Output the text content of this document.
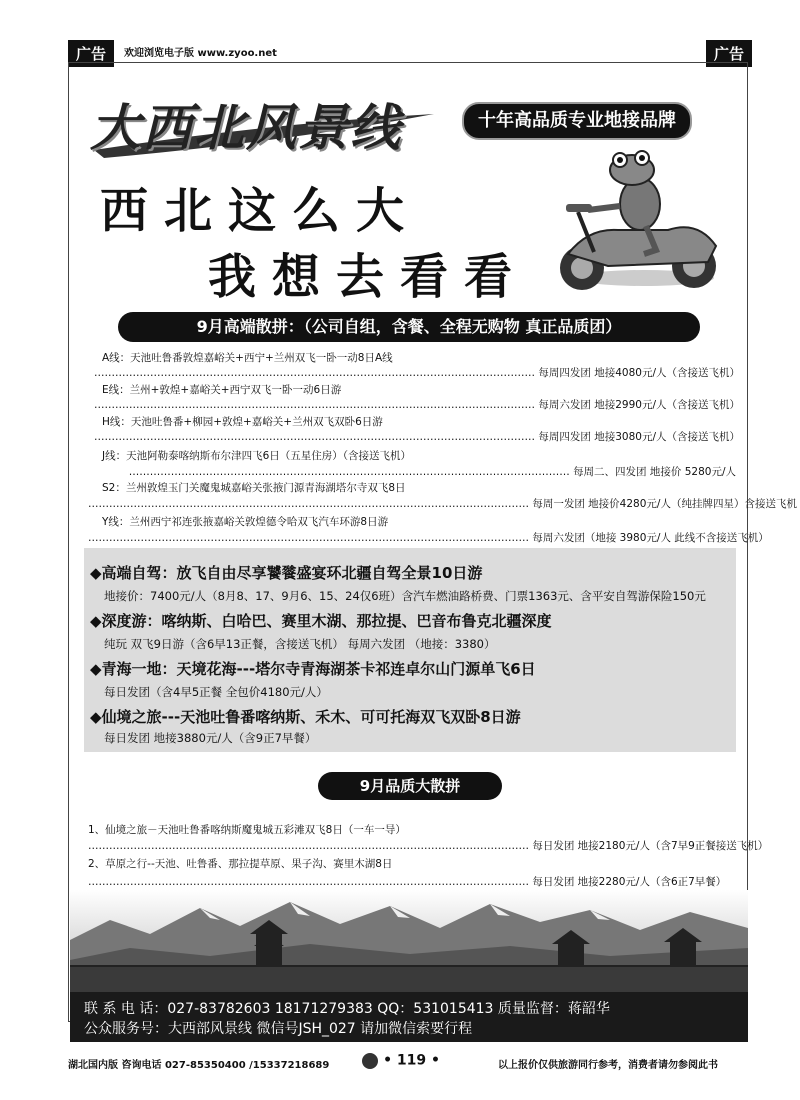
广告	欢迎浏览电子版 www.zyoo.net	广告
大西北风景线	十年高品质专业地接品牌
西北这么大
我想去看看
9月高端散拼：（公司自组，含餐、全程无购物 真正品质团）
A线：天池吐鲁番敦煌嘉峪关+西宁+兰州双飞一卧一动8日A线
……………………………………………………………………………………………………………… 每周四发团 地接4080元/人（含接送飞机）
E线：兰州+敦煌+嘉峪关+西宁双飞一卧一动6日游
……………………………………………………………………………………………………………… 每周六发团 地接2990元/人（含接送飞机）
H线：天池吐鲁番+柳园+敦煌+嘉峪关+兰州双飞双卧6日游
……………………………………………………………………………………………………………… 每周四发团 地接3080元/人（含接送飞机）
J线：天池阿勒泰喀纳斯布尔津四飞6日（五星住房）（含接送飞机）
……………………………………………………………………………………………………………… 每周二、四发团 地接价 5280元/人
S2：兰州敦煌玉门关魔鬼城嘉峪关张掖门源青海湖塔尔寺双飞8日
……………………………………………………………………………………………………………… 每周一发团 地接价4280元/人（纯挂牌四星）含接送飞机
Y线：兰州西宁祁连张掖嘉峪关敦煌德令哈双飞汽车环游8日游
……………………………………………………………………………………………………………… 每周六发团（地接 3980元/人 此线不含接送飞机）
◆高端自驾：放飞自由尽享饕餮盛宴环北疆自驾全景10日游
地接价：7400元/人（8月8、17、9月6、15、24仅6班）含汽车燃油路桥费、门票1363元、含平安自驾游保险150元
◆深度游：喀纳斯、白哈巴、赛里木湖、那拉提、巴音布鲁克北疆深度
纯玩 双飞9日游（含6早13正餐，含接送飞机） 每周六发团 （地接：3380）
◆青海一地：天境花海---塔尔寺青海湖茶卡祁连卓尔山门源单飞6日
每日发团（含4早5正餐 全包价4180元/人）
◆仙境之旅---天池吐鲁番喀纳斯、禾木、可可托海双飞双卧8日游
每日发团 地接3880元/人（含9正7早餐）
9月品质大散拼
1、仙境之旅－天池吐鲁番喀纳斯魔鬼城五彩滩双飞8日（一车一导）
……………………………………………………………………………………………………………… 每日发团 地接2180元/人（含7早9正餐接送飞机）
2、草原之行--天池、吐鲁番、那拉提草原、果子沟、赛里木湖8日
……………………………………………………………………………………………………………… 每日发团 地接2280元/人（含6正7早餐）
联 系 电 话：027-83782603 18171279383 QQ：531015413 质量监督：蒋韶华
公众服务号：大西部风景线 微信号JSH_027 请加微信索要行程
湖北国内版 咨询电话 027-85350400 /15337218689	• 119 •	以上报价仅供旅游同行参考，消费者请勿参阅此书
